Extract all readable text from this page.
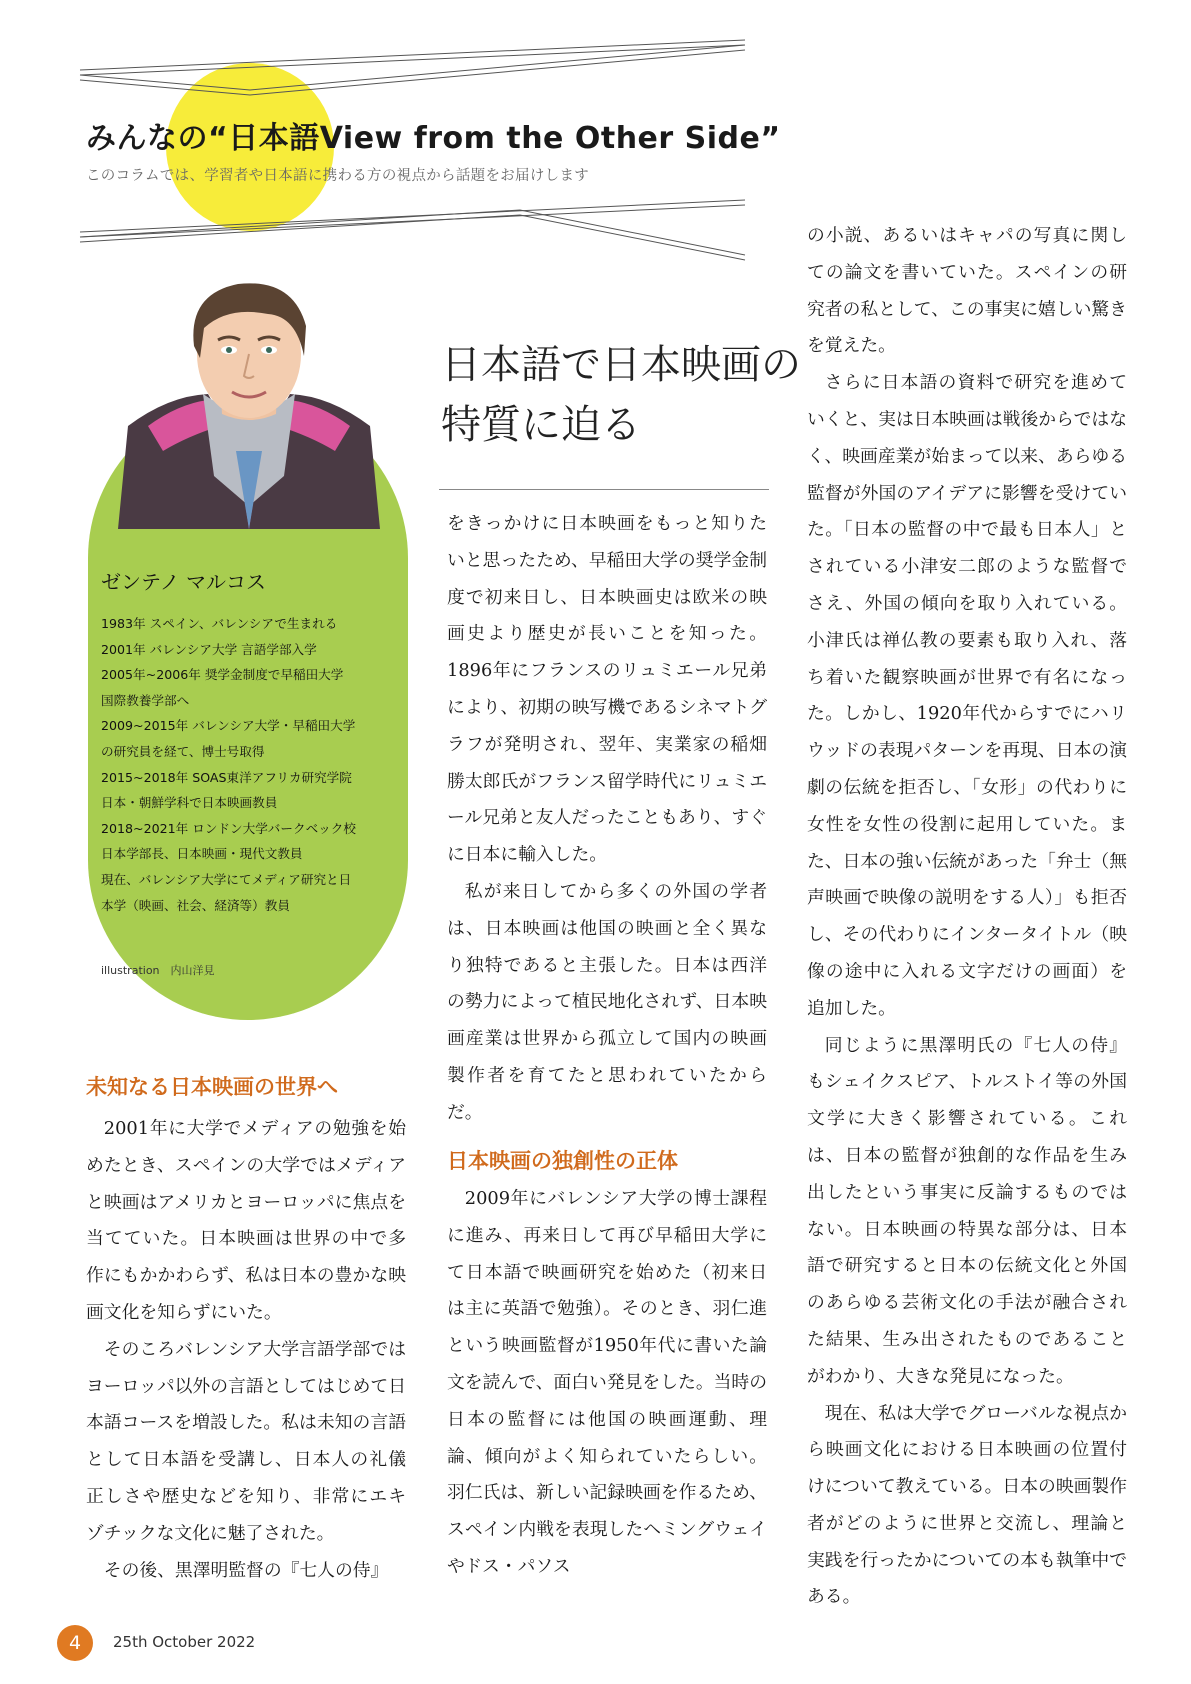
みんなの“日本語View from the Other Side”
このコラムでは、学習者や日本語に携わる方の視点から話題をお届けします
ゼンテノ マルコス
1983年 スペイン、バレンシアで生まれる
2001年 バレンシア大学 言語学部入学
2005年~2006年 奨学金制度で早稲田大学
国際教養学部へ
2009~2015年 バレンシア大学・早稲田大学
の研究員を経て、博士号取得
2015~2018年 SOAS東洋アフリカ研究学院
日本・朝鮮学科で日本映画教員
2018~2021年 ロンドン大学バークベック校
日本学部長、日本映画・現代文教員
現在、バレンシア大学にてメディア研究と日
本学（映画、社会、経済等）教員
illustration　内山洋見
日本語で日本映画の
特質に迫る
未知なる日本映画の世界へ

2001年に大学でメディアの勉強を始めたとき、スペインの大学ではメディアと映画はアメリカとヨーロッパに焦点を当てていた。日本映画は世界の中で多作にもかかわらず、私は日本の豊かな映画文化を知らずにいた。

そのころバレンシア大学言語学部ではヨーロッパ以外の言語としてはじめて日本語コースを増設した。私は未知の言語として日本語を受講し、日本人の礼儀正しさや歴史などを知り、非常にエキゾチックな文化に魅了された。

その後、黒澤明監督の『七人の侍』

をきっかけに日本映画をもっと知りたいと思ったため、早稲田大学の奨学金制度で初来日し、日本映画史は欧米の映画史より歴史が長いことを知った。1896年にフランスのリュミエール兄弟により、初期の映写機であるシネマトグラフが発明され、翌年、実業家の稲畑勝太郎氏がフランス留学時代にリュミエール兄弟と友人だったこともあり、すぐに日本に輸入した。

私が来日してから多くの外国の学者は、日本映画は他国の映画と全く異なり独特であると主張した。日本は西洋の勢力によって植民地化されず、日本映画産業は世界から孤立して国内の映画製作者を育てたと思われていたからだ。

日本映画の独創性の正体

2009年にバレンシア大学の博士課程に進み、再来日して再び早稲田大学にて日本語で映画研究を始めた（初来日は主に英語で勉強）。そのとき、羽仁進という映画監督が1950年代に書いた論文を読んで、面白い発見をした。当時の日本の監督には他国の映画運動、理論、傾向がよく知られていたらしい。羽仁氏は、新しい記録映画を作るため、スペイン内戦を表現したヘミングウェイやドス・パソス

の小説、あるいはキャパの写真に関しての論文を書いていた。スペインの研究者の私として、この事実に嬉しい驚きを覚えた。

さらに日本語の資料で研究を進めていくと、実は日本映画は戦後からではなく、映画産業が始まって以来、あらゆる監督が外国のアイデアに影響を受けていた。「日本の監督の中で最も日本人」とされている小津安二郎のような監督でさえ、外国の傾向を取り入れている。小津氏は禅仏教の要素も取り入れ、落ち着いた観察映画が世界で有名になった。しかし、1920年代からすでにハリウッドの表現パターンを再現、日本の演劇の伝統を拒否し、「女形」の代わりに女性を女性の役割に起用していた。また、日本の強い伝統があった「弁士（無声映画で映像の説明をする人）」も拒否し、その代わりにインタータイトル（映像の途中に入れる文字だけの画面）を追加した。

同じように黒澤明氏の『七人の侍』もシェイクスピア、トルストイ等の外国文学に大きく影響されている。これは、日本の監督が独創的な作品を生み出したという事実に反論するものではない。日本映画の特異な部分は、日本語で研究すると日本の伝統文化と外国のあらゆる芸術文化の手法が融合された結果、生み出されたものであることがわかり、大きな発見になった。

現在、私は大学でグローバルな視点から映画文化における日本映画の位置付けについて教えている。日本の映画製作者がどのように世界と交流し、理論と実践を行ったかについての本も執筆中である。

4	25th October 2022
